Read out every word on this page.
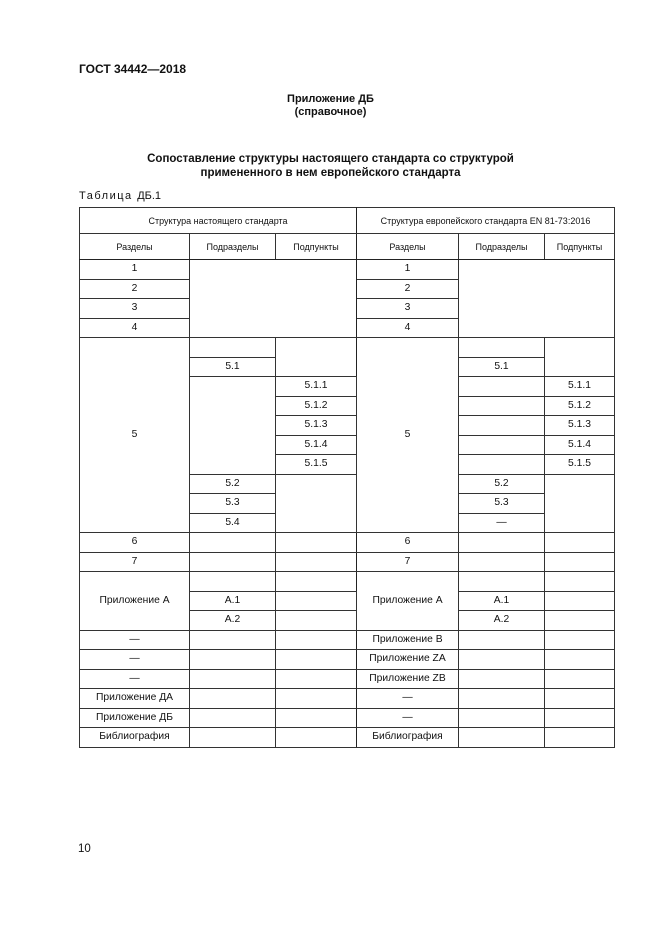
ГОСТ 34442—2018
Приложение ДБ
(справочное)
Сопоставление структуры настоящего стандарта со структурой
примененного в нем европейского стандарта
Таблица ДБ.1
Структура настоящего стандарта			Структура европейского стандарта EN 81-73:2016		
Разделы	Подразделы	Подпункты	Разделы	Подразделы	Подпункты
1			1		
2			2		
3			3		
4			4		
5			5		
	5.1			5.1	
		5.1.1			5.1.1
		5.1.2			5.1.2
		5.1.3			5.1.3
		5.1.4			5.1.4
		5.1.5			5.1.5
	5.2			5.2	
	5.3			5.3	
	5.4			—	
6			6		
7			7		
Приложение A			Приложение A		
	A.1			A.1	
	A.2			A.2	
—			Приложение B		
—			Приложение ZA		
—			Приложение ZB		
Приложение ДА			—		
Приложение ДБ			—		
Библиография			Библиография		
10
